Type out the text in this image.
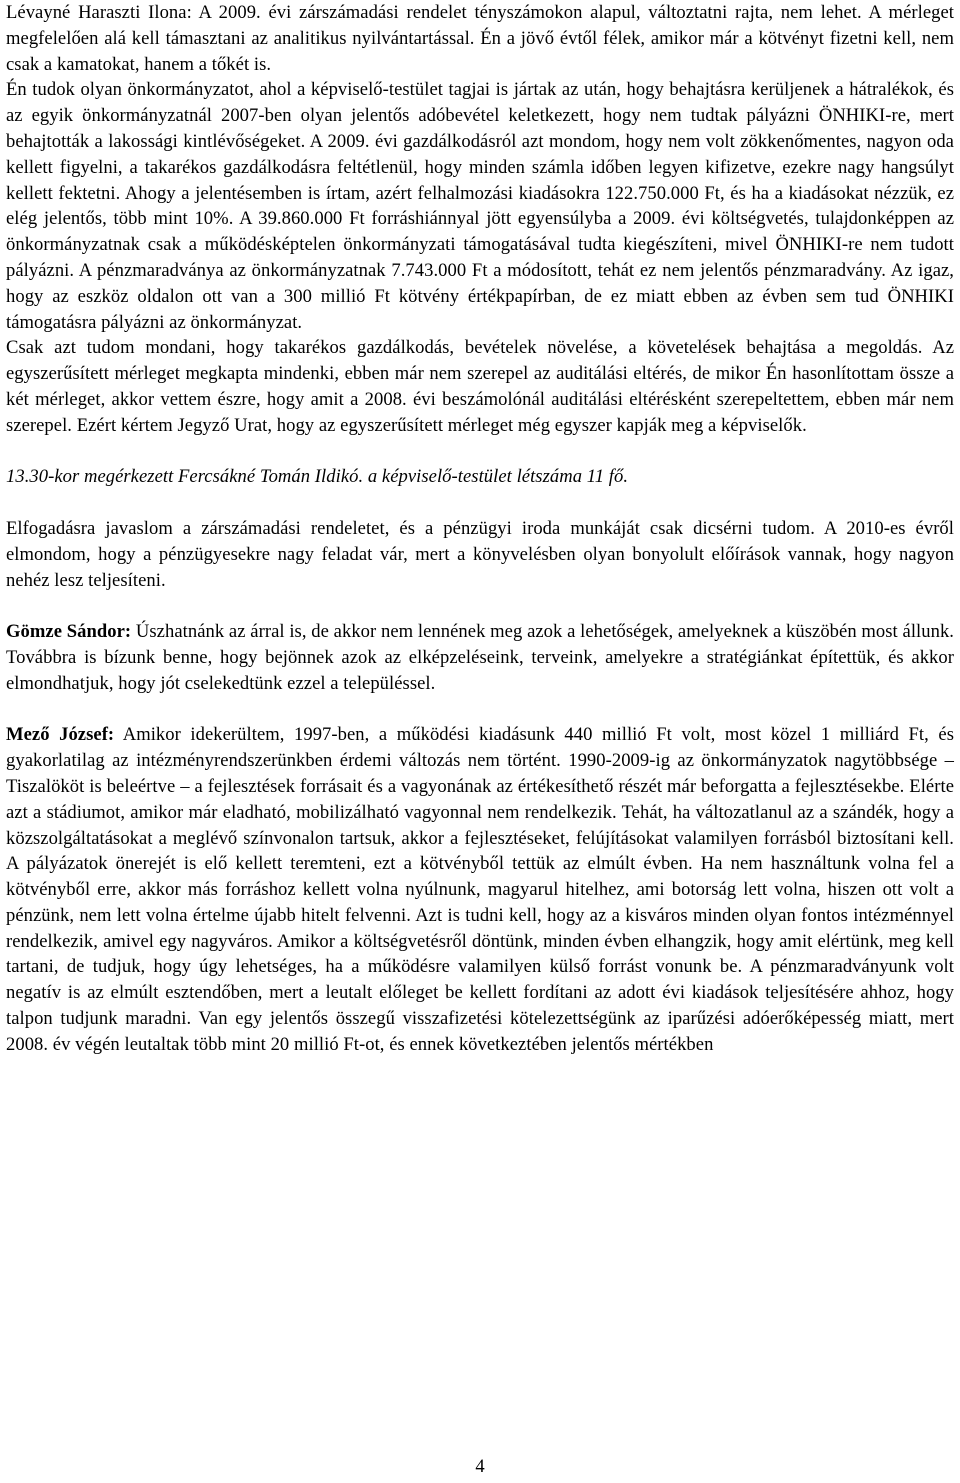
Lévayné Haraszti Ilona: A 2009. évi zárszámadási rendelet tényszámokon alapul, változtatni rajta, nem lehet. A mérleget megfelelően alá kell támasztani az analitikus nyilvántartással. Én a jövő évtől félek, amikor már a kötvényt fizetni kell, nem csak a kamatokat, hanem a tőkét is.

Én tudok olyan önkormányzatot, ahol a képviselő-testület tagjai is jártak az után, hogy behajtásra kerüljenek a hátralékok, és az egyik önkormányzatnál 2007-ben olyan jelentős adóbevétel keletkezett, hogy nem tudtak pályázni ÖNHIKI-re, mert behajtották a lakossági kintlévőségeket. A 2009. évi gazdálkodásról azt mondom, hogy nem volt zökkenőmentes, nagyon oda kellett figyelni, a takarékos gazdálkodásra feltétlenül, hogy minden számla időben legyen kifizetve, ezekre nagy hangsúlyt kellett fektetni. Ahogy a jelentésemben is írtam, azért felhalmozási kiadásokra 122.750.000 Ft, és ha a kiadásokat nézzük, ez elég jelentős, több mint 10%. A 39.860.000 Ft forráshiánnyal jött egyensúlyba a 2009. évi költségvetés, tulajdonképpen az önkormányzatnak csak a működésképtelen önkormányzati támogatásával tudta kiegészíteni, mivel ÖNHIKI-re nem tudott pályázni. A pénzmaradványa az önkormányzatnak 7.743.000 Ft a módosított, tehát ez nem jelentős pénzmaradvány. Az igaz, hogy az eszköz oldalon ott van a 300 millió Ft kötvény értékpapírban, de ez miatt ebben az évben sem tud ÖNHIKI támogatásra pályázni az önkormányzat.

Csak azt tudom mondani, hogy takarékos gazdálkodás, bevételek növelése, a követelések behajtása a megoldás. Az egyszerűsített mérleget megkapta mindenki, ebben már nem szerepel az auditálási eltérés, de mikor Én hasonlítottam össze a két mérleget, akkor vettem észre, hogy amit a 2008. évi beszámolónál auditálási eltérésként szerepeltettem, ebben már nem szerepel. Ezért kértem Jegyző Urat, hogy az egyszerűsített mérleget még egyszer kapják meg a képviselők.

13.30-kor megérkezett Fercsákné Tomán Ildikó. a képviselő-testület létszáma 11 fő.

Elfogadásra javaslom a zárszámadási rendeletet, és a pénzügyi iroda munkáját csak dicsérni tudom. A 2010-es évről elmondom, hogy a pénzügyesekre nagy feladat vár, mert a könyvelésben olyan bonyolult előírások vannak, hogy nagyon nehéz lesz teljesíteni.

Gömze Sándor: Úszhatnánk az árral is, de akkor nem lennének meg azok a lehetőségek, amelyeknek a küszöbén most állunk. Továbbra is bízunk benne, hogy bejönnek azok az elképzeléseink, terveink, amelyekre a stratégiánkat építettük, és akkor elmondhatjuk, hogy jót cselekedtünk ezzel a településsel.

Mező József: Amikor idekerültem, 1997-ben, a működési kiadásunk 440 millió Ft volt, most közel 1 milliárd Ft, és gyakorlatilag az intézményrendszerünkben érdemi változás nem történt. 1990-2009-ig az önkormányzatok nagytöbbsége – Tiszalököt is beleértve – a fejlesztések forrásait és a vagyonának az értékesíthető részét már beforgatta a fejlesztésekbe. Elérte azt a stádiumot, amikor már eladható, mobilizálható vagyonnal nem rendelkezik. Tehát, ha változatlanul az a szándék, hogy a közszolgáltatásokat a meglévő színvonalon tartsuk, akkor a fejlesztéseket, felújításokat valamilyen forrásból biztosítani kell. A pályázatok önerejét is elő kellett teremteni, ezt a kötvényből tettük az elmúlt évben. Ha nem használtunk volna fel a kötvényből erre, akkor más forráshoz kellett volna nyúlnunk, magyarul hitelhez, ami botorság lett volna, hiszen ott volt a pénzünk, nem lett volna értelme újabb hitelt felvenni. Azt is tudni kell, hogy az a kisváros minden olyan fontos intézménnyel rendelkezik, amivel egy nagyváros. Amikor a költségvetésről döntünk, minden évben elhangzik, hogy amit elértünk, meg kell tartani, de tudjuk, hogy úgy lehetséges, ha a működésre valamilyen külső forrást vonunk be. A pénzmaradványunk volt negatív is az elmúlt esztendőben, mert a leutalt előleget be kellett fordítani az adott évi kiadások teljesítésére ahhoz, hogy talpon tudjunk maradni. Van egy jelentős összegű visszafizetési kötelezettségünk az iparűzési adóerőképesség miatt, mert 2008. év végén leutaltak több mint 20 millió Ft-ot, és ennek következtében jelentős mértékben

4
